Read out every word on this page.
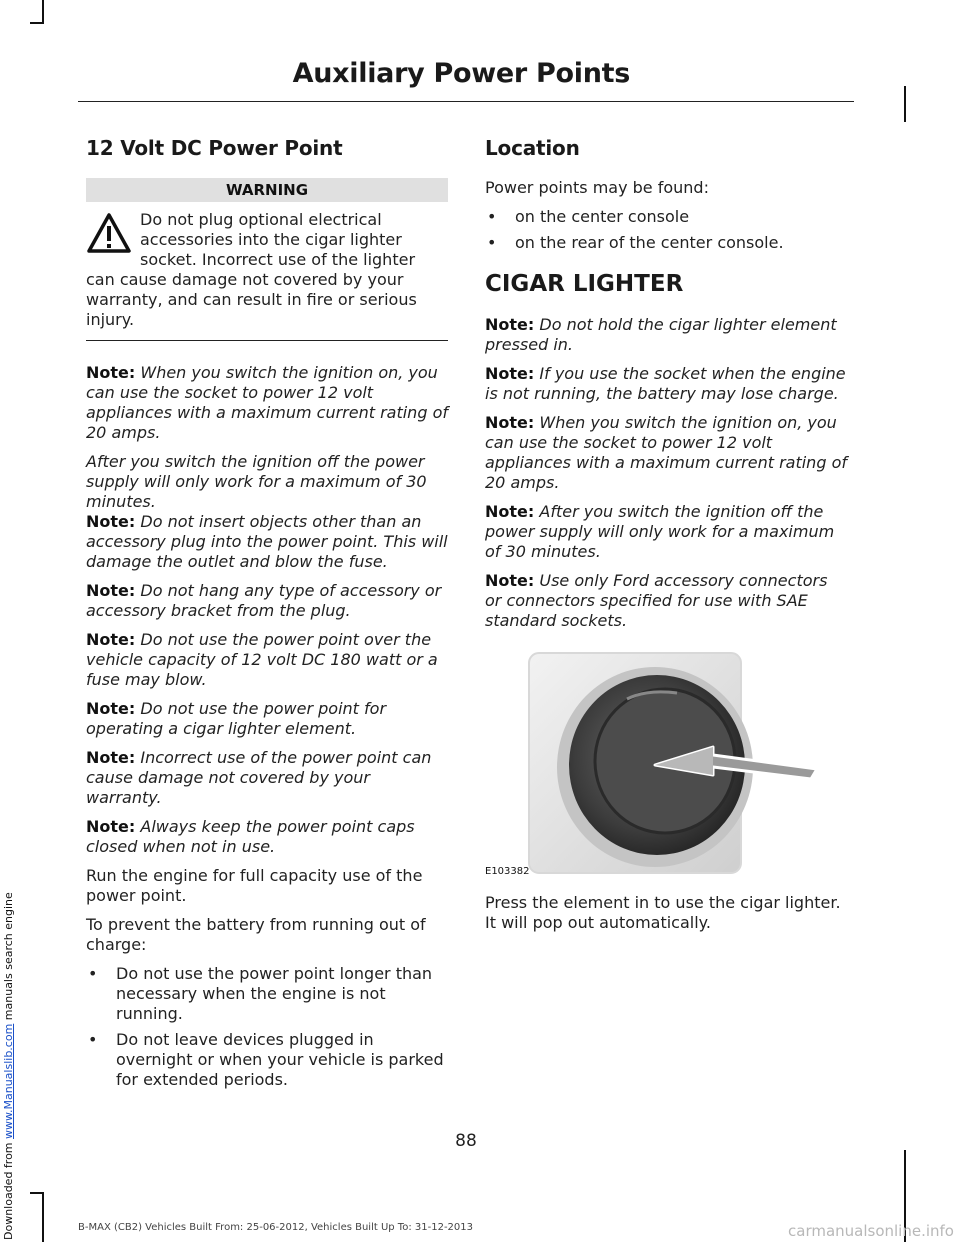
Auxiliary Power Points
12 Volt DC Power Point
WARNING
Do not plug optional electrical accessories into the cigar lighter socket. Incorrect use of the lighter can cause damage not covered by your warranty, and can result in fire or serious injury.

Note: When you switch the ignition on, you can use the socket to power 12 volt appliances with a maximum current rating of 20 amps.

After you switch the ignition off the power supply will only work for a maximum of 30 minutes.

Note: Do not insert objects other than an accessory plug into the power point. This will damage the outlet and blow the fuse.

Note: Do not hang any type of accessory or accessory bracket from the plug.

Note: Do not use the power point over the vehicle capacity of 12 volt DC 180 watt or a fuse may blow.

Note: Do not use the power point for operating a cigar lighter element.

Note: Incorrect use of the power point can cause damage not covered by your warranty.

Note: Always keep the power point caps closed when not in use.

Run the engine for full capacity use of the power point.

To prevent the battery from running out of charge:

• Do not use the power point longer than necessary when the engine is not running.
• Do not leave devices plugged in overnight or when your vehicle is parked for extended periods.
Location

Power points may be found:

• on the center console
• on the rear of the center console.
CIGAR LIGHTER

Note: Do not hold the cigar lighter element pressed in.

Note: If you use the socket when the engine is not running, the battery may lose charge.

Note: When you switch the ignition on, you can use the socket to power 12 volt appliances with a maximum current rating of 20 amps.

Note: After you switch the ignition off the power supply will only work for a maximum of 30 minutes.

Note: Use only Ford accessory connectors or connectors specified for use with SAE standard sockets.

E103382

Press the element in to use the cigar lighter. It will pop out automatically.

88
B-MAX (CB2) Vehicles Built From: 25-06-2012, Vehicles Built Up To: 31-12-2013
Downloaded from www.Manualslib.com manuals search engine
carmanualsonline.info
